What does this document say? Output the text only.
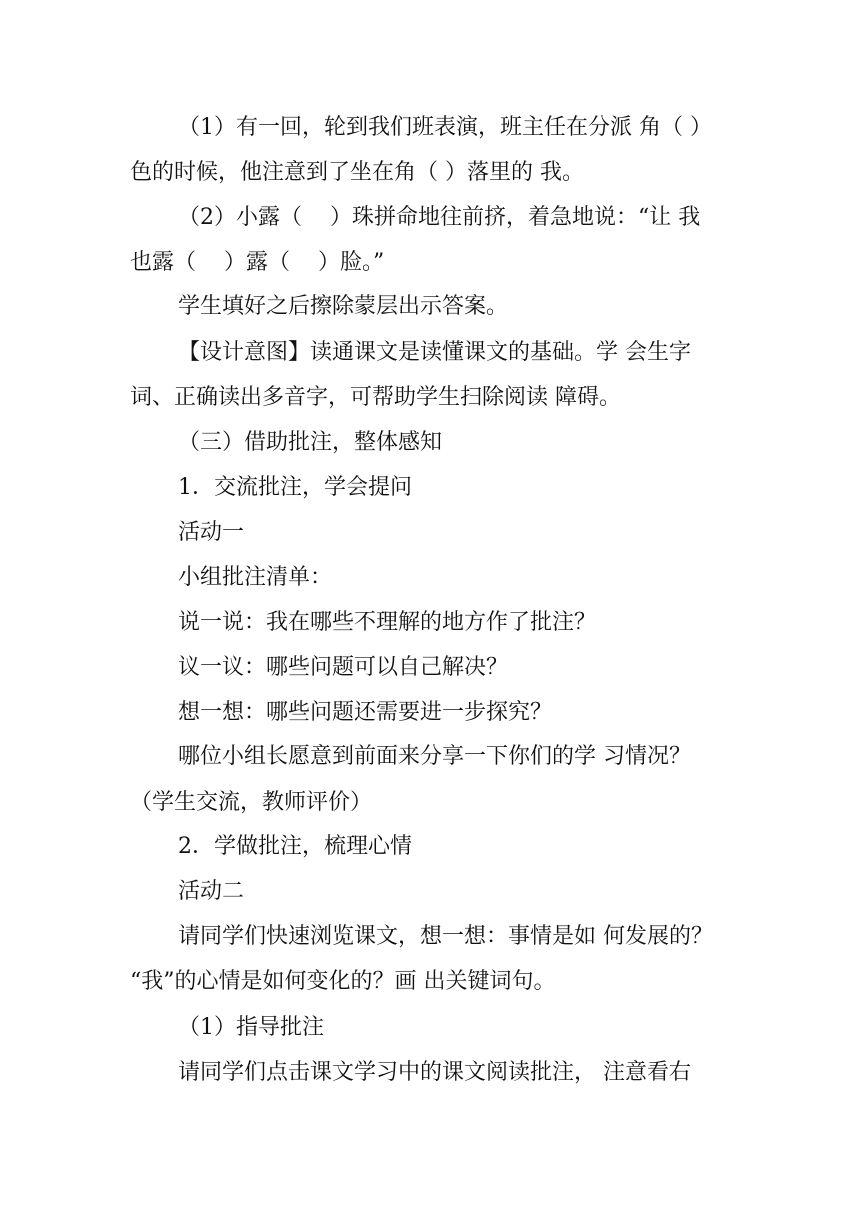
（1）有一回，轮到我们班表演，班主任在分派 角（ ）
色的时候，他注意到了坐在角（ ）落里的 我。
（2）小露（    ）珠拼命地往前挤，着急地说：“让 我
也露（    ）露（    ）脸。”
学生填好之后擦除蒙层出示答案。
【设计意图】读通课文是读懂课文的基础。学 会生字
词、正确读出多音字，可帮助学生扫除阅读 障碍。
（三）借助批注，整体感知
1．交流批注，学会提问
活动一
小组批注清单：
说一说：我在哪些不理解的地方作了批注？
议一议：哪些问题可以自己解决？
想一想：哪些问题还需要进一步探究？
哪位小组长愿意到前面来分享一下你们的学 习情况？
（学生交流，教师评价）
2．学做批注，梳理心情
活动二
请同学们快速浏览课文，想一想：事情是如 何发展的？
“我”的心情是如何变化的？画 出关键词句。
（1）指导批注
请同学们点击课文学习中的课文阅读批注， 注意看右
